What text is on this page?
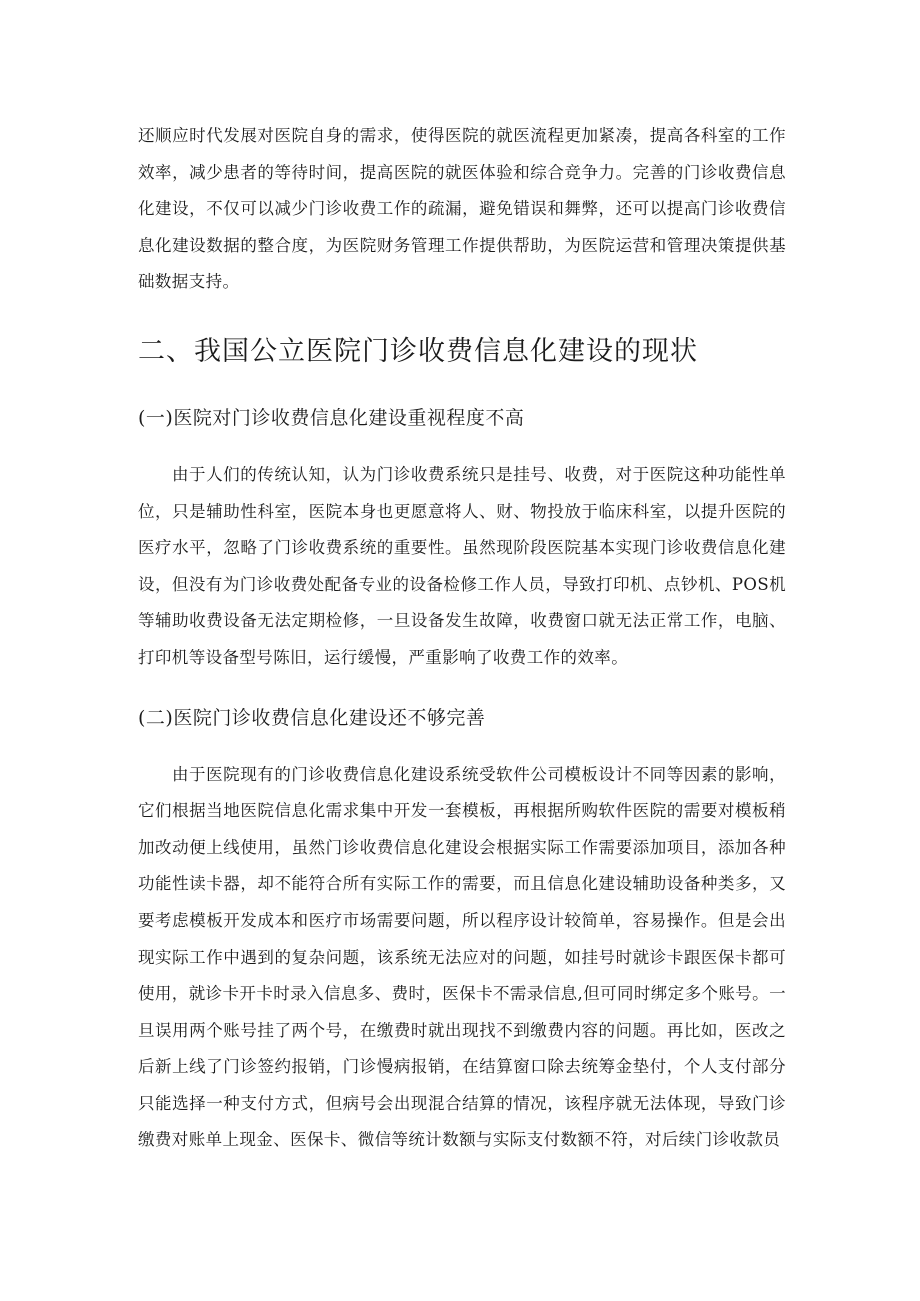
还顺应时代发展对医院自身的需求，使得医院的就医流程更加紧凑，提高各科室的工作效率，减少患者的等待时间，提高医院的就医体验和综合竞争力。完善的门诊收费信息化建设，不仅可以减少门诊收费工作的疏漏，避免错误和舞弊，还可以提高门诊收费信息化建设数据的整合度，为医院财务管理工作提供帮助，为医院运营和管理决策提供基础数据支持。

二、我国公立医院门诊收费信息化建设的现状
(一)医院对门诊收费信息化建设重视程度不高

由于人们的传统认知，认为门诊收费系统只是挂号、收费，对于医院这种功能性单位，只是辅助性科室，医院本身也更愿意将人、财、物投放于临床科室，以提升医院的医疗水平，忽略了门诊收费系统的重要性。虽然现阶段医院基本实现门诊收费信息化建设，但没有为门诊收费处配备专业的设备检修工作人员，导致打印机、点钞机、POS机等辅助收费设备无法定期检修，一旦设备发生故障，收费窗口就无法正常工作，电脑、打印机等设备型号陈旧，运行缓慢，严重影响了收费工作的效率。

(二)医院门诊收费信息化建设还不够完善

由于医院现有的门诊收费信息化建设系统受软件公司模板设计不同等因素的影响，它们根据当地医院信息化需求集中开发一套模板，再根据所购软件医院的需要对模板稍加改动便上线使用，虽然门诊收费信息化建设会根据实际工作需要添加项目，添加各种功能性读卡器，却不能符合所有实际工作的需要，而且信息化建设辅助设备种类多，又要考虑模板开发成本和医疗市场需要问题，所以程序设计较简单，容易操作。但是会出现实际工作中遇到的复杂问题，该系统无法应对的问题，如挂号时就诊卡跟医保卡都可使用，就诊卡开卡时录入信息多、费时，医保卡不需录信息,但可同时绑定多个账号。一旦误用两个账号挂了两个号，在缴费时就出现找不到缴费内容的问题。再比如，医改之后新上线了门诊签约报销，门诊慢病报销，在结算窗口除去统筹金垫付，个人支付部分只能选择一种支付方式，但病号会出现混合结算的情况，该程序就无法体现，导致门诊缴费对账单上现金、医保卡、微信等统计数额与实际支付数额不符，对后续门诊收款员
